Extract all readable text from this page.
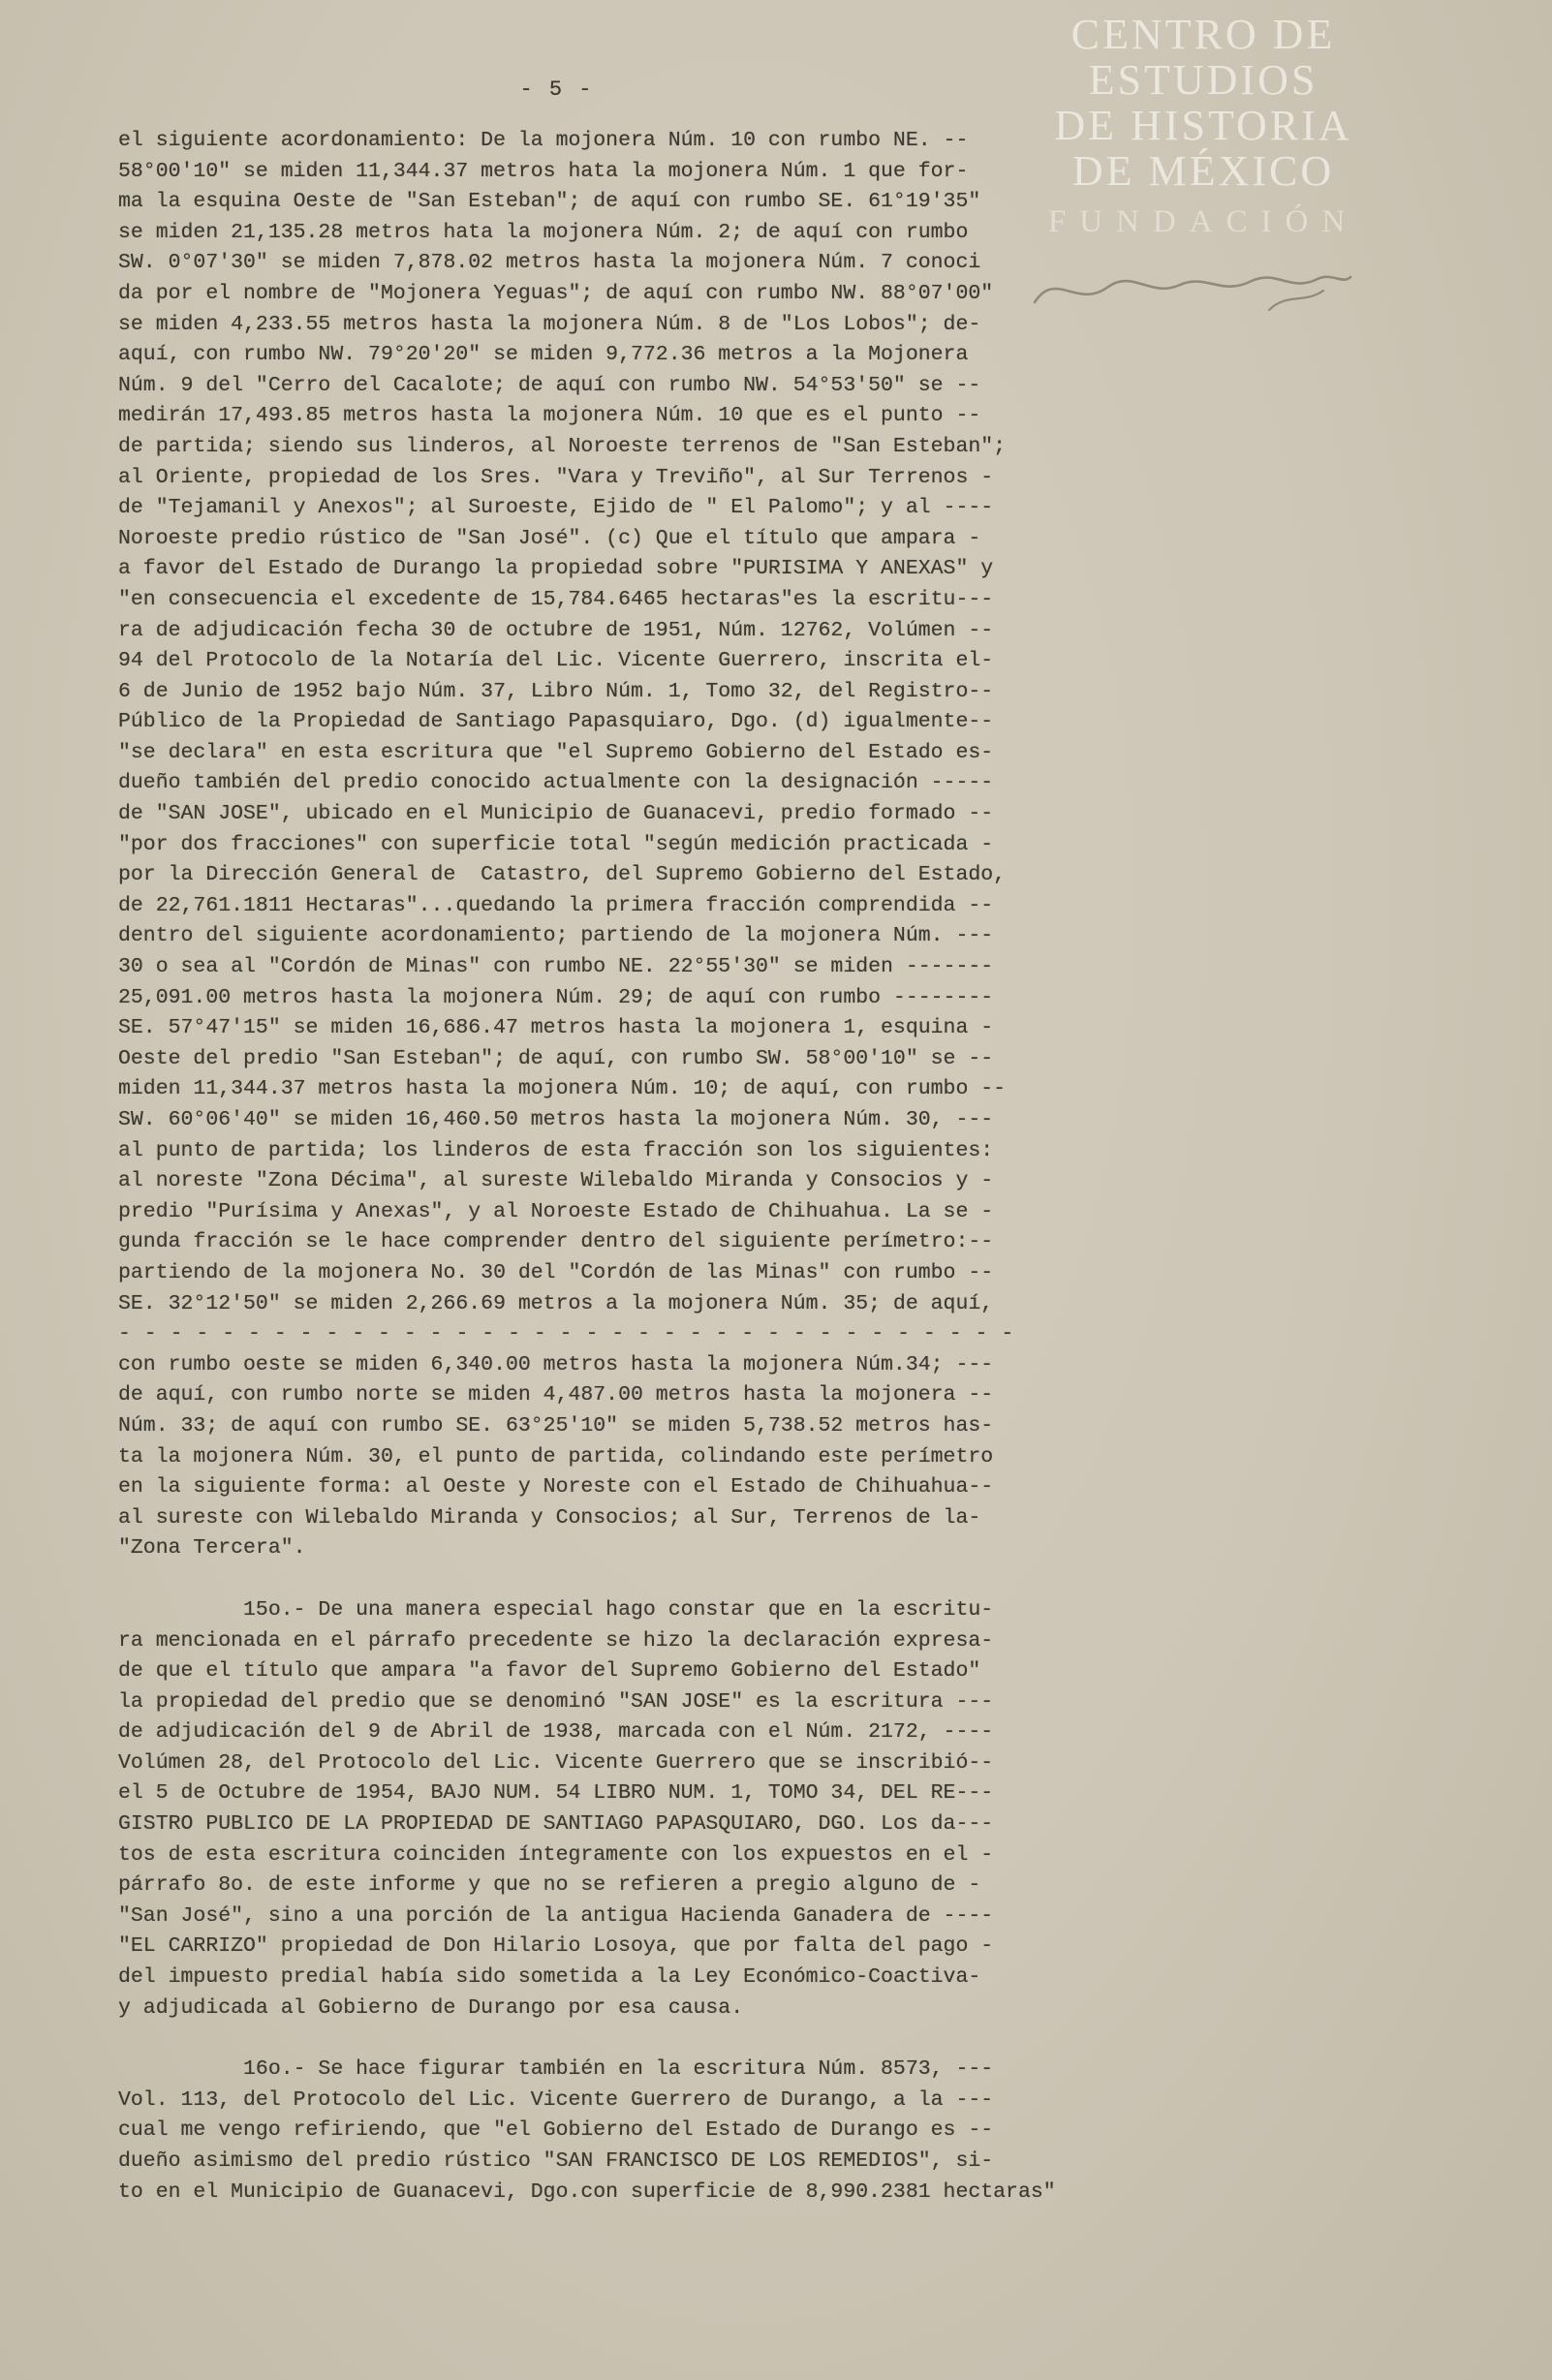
CENTRO DE
ESTUDIOS
DE HISTORIA
DE MÉXICO
FUNDACIÓN
- 5 -
el siguiente acordonamiento: De la mojonera Núm. 10 con rumbo NE. --
58°00'10" se miden 11,344.37 metros hata la mojonera Núm. 1 que for-
ma la esquina Oeste de "San Esteban"; de aquí con rumbo SE. 61°19'35"
se miden 21,135.28 metros hata la mojonera Núm. 2; de aquí con rumbo
SW. 0°07'30" se miden 7,878.02 metros hasta la mojonera Núm. 7 conoci
da por el nombre de "Mojonera Yeguas"; de aquí con rumbo NW. 88°07'00"
se miden 4,233.55 metros hasta la mojonera Núm. 8 de "Los Lobos"; de-
aquí, con rumbo NW. 79°20'20" se miden 9,772.36 metros a la Mojonera
Núm. 9 del "Cerro del Cacalote; de aquí con rumbo NW. 54°53'50" se --
medirán 17,493.85 metros hasta la mojonera Núm. 10 que es el punto --
de partida; siendo sus linderos, al Noroeste terrenos de "San Esteban";
al Oriente, propiedad de los Sres. "Vara y Treviño", al Sur Terrenos -
de "Tejamanil y Anexos"; al Suroeste, Ejido de " El Palomo"; y al ----
Noroeste predio rústico de "San José". (c) Que el título que ampara -
a favor del Estado de Durango la propiedad sobre "PURISIMA Y ANEXAS" y
"en consecuencia el excedente de 15,784.6465 hectaras"es la escritu---
ra de adjudicación fecha 30 de octubre de 1951, Núm. 12762, Volúmen --
94 del Protocolo de la Notaría del Lic. Vicente Guerrero, inscrita el-
6 de Junio de 1952 bajo Núm. 37, Libro Núm. 1, Tomo 32, del Registro--
Público de la Propiedad de Santiago Papasquiaro, Dgo. (d) igualmente--
"se declara" en esta escritura que "el Supremo Gobierno del Estado es-
dueño también del predio conocido actualmente con la designación -----
de "SAN JOSE", ubicado en el Municipio de Guanacevi, predio formado --
"por dos fracciones" con superficie total "según medición practicada -
por la Dirección General de  Catastro, del Supremo Gobierno del Estado,
de 22,761.1811 Hectaras"...quedando la primera fracción comprendida --
dentro del siguiente acordonamiento; partiendo de la mojonera Núm. ---
30 o sea al "Cordón de Minas" con rumbo NE. 22°55'30" se miden -------
25,091.00 metros hasta la mojonera Núm. 29; de aquí con rumbo --------
SE. 57°47'15" se miden 16,686.47 metros hasta la mojonera 1, esquina -
Oeste del predio "San Esteban"; de aquí, con rumbo SW. 58°00'10" se --
miden 11,344.37 metros hasta la mojonera Núm. 10; de aquí, con rumbo --
SW. 60°06'40" se miden 16,460.50 metros hasta la mojonera Núm. 30, ---
al punto de partida; los linderos de esta fracción son los siguientes:
al noreste "Zona Décima", al sureste Wilebaldo Miranda y Consocios y -
predio "Purísima y Anexas", y al Noroeste Estado de Chihuahua. La se -
gunda fracción se le hace comprender dentro del siguiente perímetro:--
partiendo de la mojonera No. 30 del "Cordón de las Minas" con rumbo --
SE. 32°12'50" se miden 2,266.69 metros a la mojonera Núm. 35; de aquí,
- - - - - - - - - - - - - - - - - - - - - - - - - - - - - - - - - - -
con rumbo oeste se miden 6,340.00 metros hasta la mojonera Núm.34; ---
de aquí, con rumbo norte se miden 4,487.00 metros hasta la mojonera --
Núm. 33; de aquí con rumbo SE. 63°25'10" se miden 5,738.52 metros has-
ta la mojonera Núm. 30, el punto de partida, colindando este perímetro
en la siguiente forma: al Oeste y Noreste con el Estado de Chihuahua--
al sureste con Wilebaldo Miranda y Consocios; al Sur, Terrenos de la-
"Zona Tercera".
15o.- De una manera especial hago constar que en la escritu-
ra mencionada en el párrafo precedente se hizo la declaración expresa-
de que el título que ampara "a favor del Supremo Gobierno del Estado"
la propiedad del predio que se denominó "SAN JOSE" es la escritura ---
de adjudicación del 9 de Abril de 1938, marcada con el Núm. 2172, ----
Volúmen 28, del Protocolo del Lic. Vicente Guerrero que se inscribió--
el 5 de Octubre de 1954, BAJO NUM. 54 LIBRO NUM. 1, TOMO 34, DEL RE---
GISTRO PUBLICO DE LA PROPIEDAD DE SANTIAGO PAPASQUIARO, DGO. Los da---
tos de esta escritura coinciden íntegramente con los expuestos en el -
párrafo 8o. de este informe y que no se refieren a pregio alguno de -
"San José", sino a una porción de la antigua Hacienda Ganadera de ----
"EL CARRIZO" propiedad de Don Hilario Losoya, que por falta del pago -
del impuesto predial había sido sometida a la Ley Económico-Coactiva-
y adjudicada al Gobierno de Durango por esa causa.
16o.- Se hace figurar también en la escritura Núm. 8573, ---
Vol. 113, del Protocolo del Lic. Vicente Guerrero de Durango, a la ---
cual me vengo refiriendo, que "el Gobierno del Estado de Durango es --
dueño asimismo del predio rústico "SAN FRANCISCO DE LOS REMEDIOS", si-
to en el Municipio de Guanacevi, Dgo.con superficie de 8,990.2381 hectaras"
